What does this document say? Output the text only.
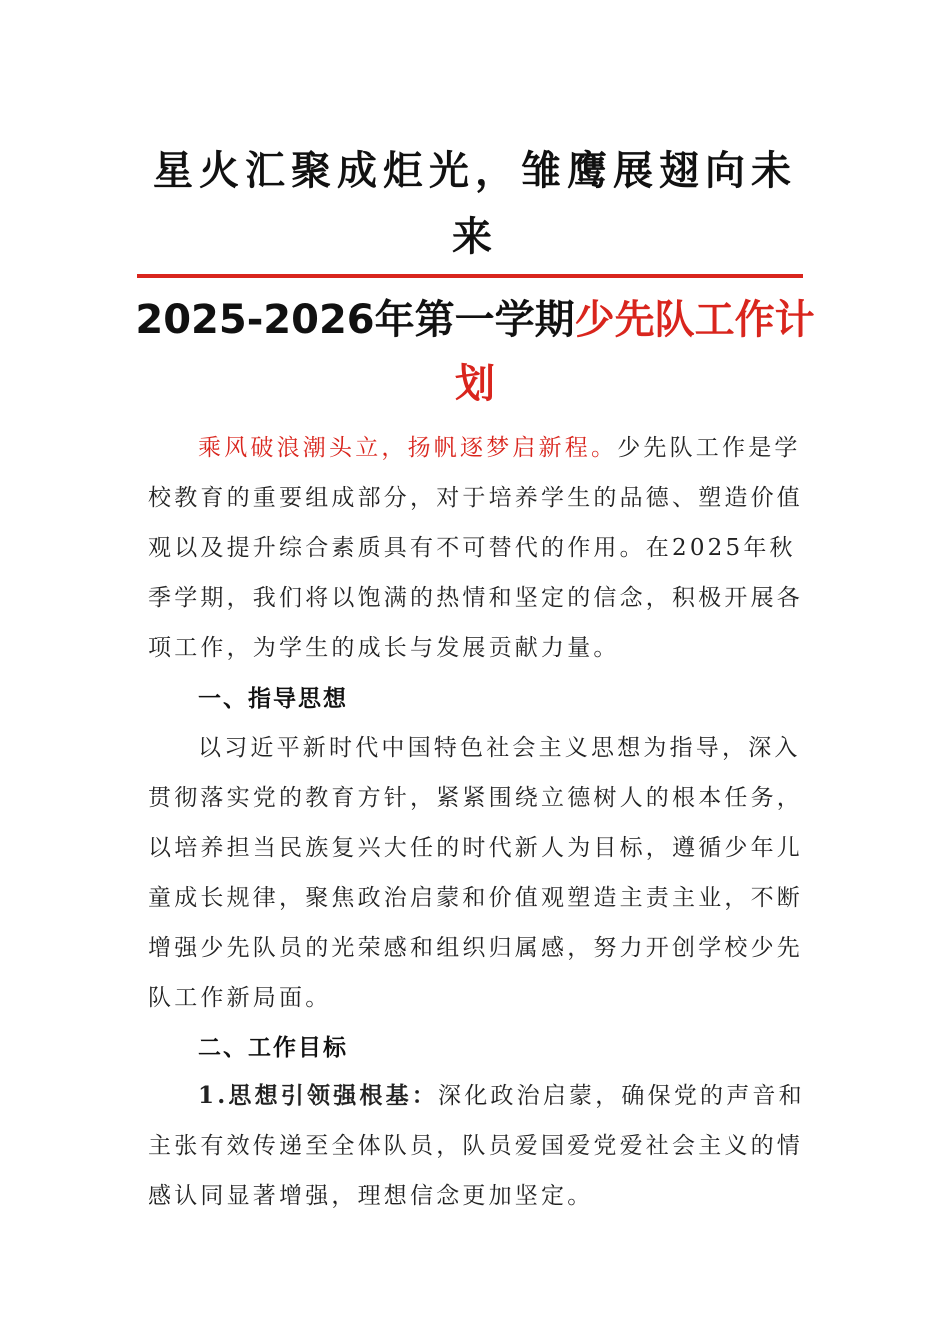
星火汇聚成炬光，雏鹰展翅向未来
2025-2026年第一学期少先队工作计划

乘风破浪潮头立，扬帆逐梦启新程。少先队工作是学校教育的重要组成部分，对于培养学生的品德、塑造价值观以及提升综合素质具有不可替代的作用。在2025年秋季学期，我们将以饱满的热情和坚定的信念，积极开展各项工作，为学生的成长与发展贡献力量。

一、指导思想

以习近平新时代中国特色社会主义思想为指导，深入贯彻落实党的教育方针，紧紧围绕立德树人的根本任务，以培养担当民族复兴大任的时代新人为目标，遵循少年儿童成长规律，聚焦政治启蒙和价值观塑造主责主业，不断增强少先队员的光荣感和组织归属感，努力开创学校少先队工作新局面。

二、工作目标

1.思想引领强根基：深化政治启蒙，确保党的声音和主张有效传递至全体队员，队员爱国爱党爱社会主义的情感认同显著增强，理想信念更加坚定。
